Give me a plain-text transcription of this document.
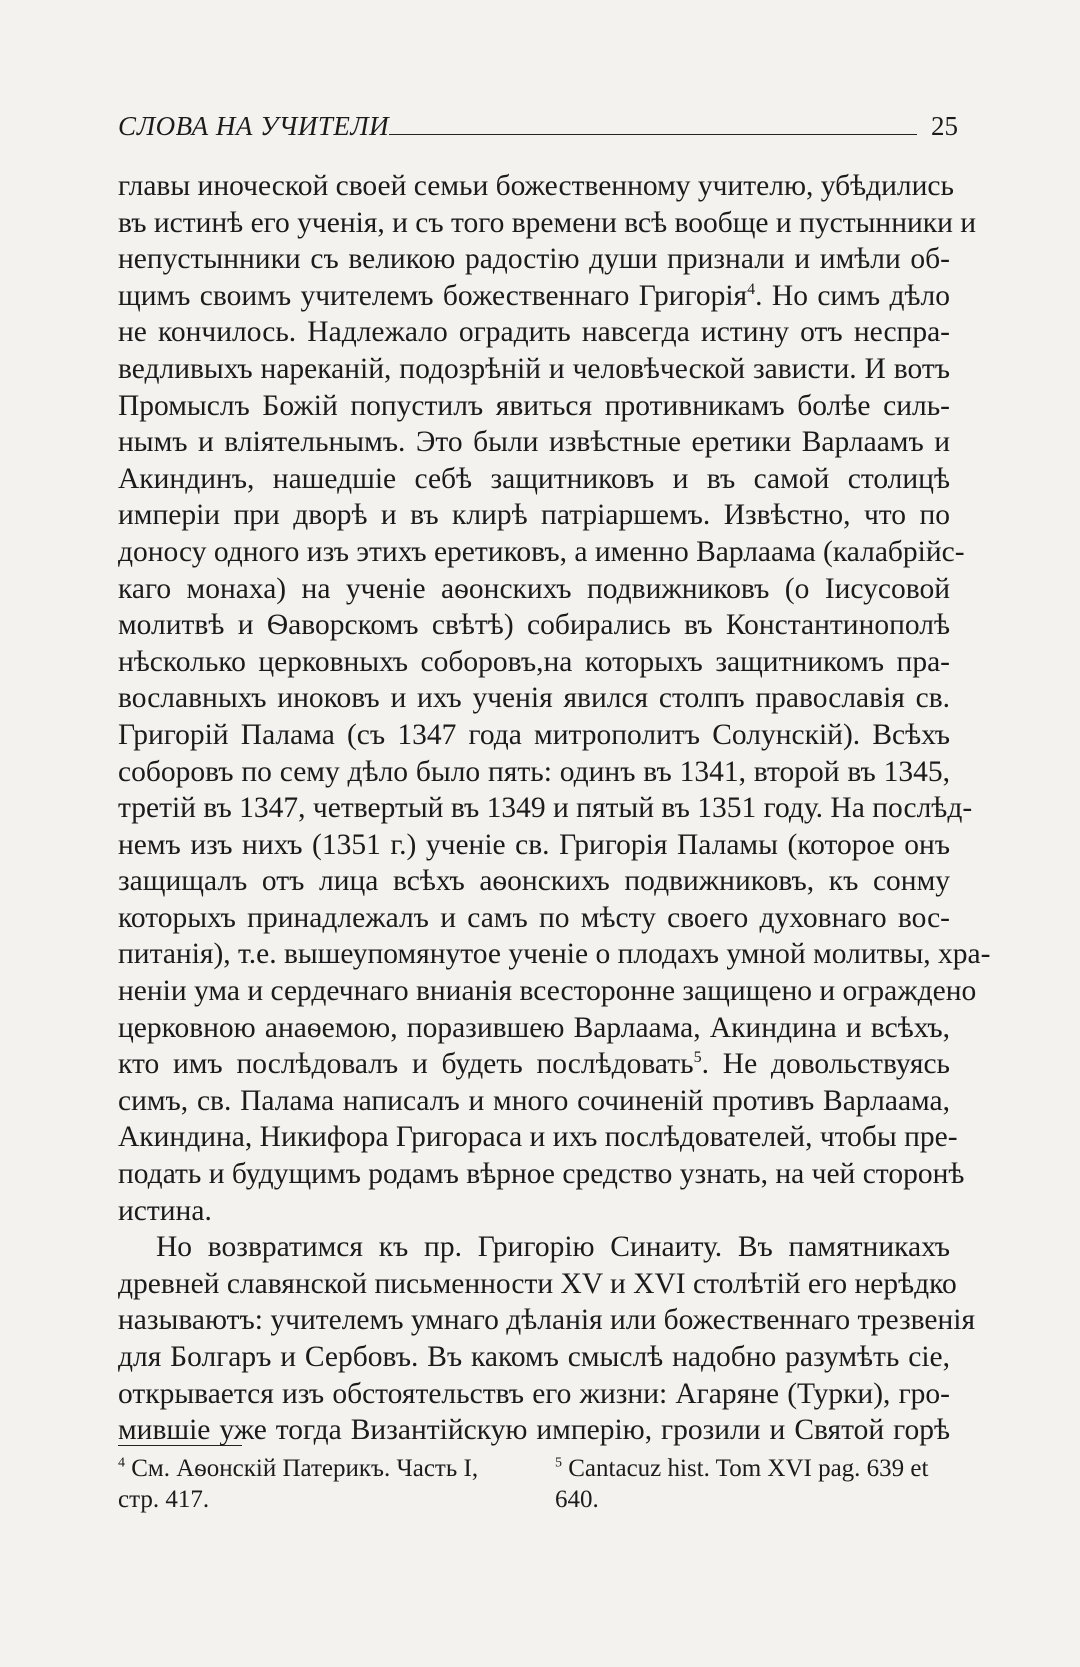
СЛОВА НА УЧИТЕЛИ	25
главы иноческой своей семьи божественному учителю, убѣдились
въ истинѣ его ученія, и съ того времени всѣ вообще и пустынники и
непустынники съ великою радостію души признали и имѣли об-
щимъ своимъ учителемъ божественнаго Григорія$^4$. Но симъ дѣло
не кончилось. Надлежало оградить навсегда истину отъ неспра-
ведливыхъ нареканій, подозрѣній и человѣческой зависти. И вотъ
Промыслъ Божій попустилъ явиться противникамъ болѣе силь-
нымъ и вліятельнымъ. Это были извѣстные еретики Варлаамъ и
Акиндинъ, нашедшіе себѣ защитниковъ и въ самой столицѣ
имперіи при дворѣ и въ клирѣ патріаршемъ. Извѣстно, что по
доносу одного изъ этихъ еретиковъ, а именно Варлаама (калабрійс-
каго монаха) на ученіе аѳонскихъ подвижниковъ (о Іисусовой
молитвѣ и Ѳаворскомъ свѣтѣ) собирались въ Константинополѣ
нѣсколько церковныхъ соборовъ,на которыхъ защитникомъ пра-
вославныхъ иноковъ и ихъ ученія явился столпъ православія св.
Григорій Палама (съ 1347 года митрополитъ Солунскій). Всѣхъ
соборовъ по сему дѣло было пять: одинъ въ 1341, второй въ 1345,
третій въ 1347, четвертый въ 1349 и пятый въ 1351 году. На послѣд-
немъ изъ нихъ (1351 г.) ученіе св. Григорія Паламы (которое онъ
защищалъ отъ лица всѣхъ аѳонскихъ подвижниковъ, къ сонму
которыхъ принадлежалъ и самъ по мѣсту своего духовнаго вос-
питанія), т.е. вышеупомянутое ученіе о плодахъ умной молитвы, хра-
неніи ума и сердечнаго вниaнія всесторонне защищено и ограждено
церковною анаѳемою, поразившею Варлаама, Акиндина и всѣхъ,
кто имъ послѣдовалъ и будеть послѣдовать$^5$. Не довольствуясь
симъ, св. Палама написалъ и много сочиненій противъ Варлаама,
Акиндина, Никифора Григораса и ихъ послѣдователей, чтобы пре-
подать и будущимъ родамъ вѣрное средство узнать, на чей сторонѣ
истина.
Но возвратимся къ пр. Григорію Синаиту. Въ памятникахъ
древней славянской письменности XV и XVI столѣтій его нерѣдко
называютъ: учителемъ умнаго дѣланія или божественнаго трезвенія
для Болгаръ и Сербовъ. Въ какомъ смыслѣ надобно разумѣть сіе,
открывается изъ обстоятельствъ его жизни: Агаряне (Турки), гро-
мившіе уже тогда Византійскую имперію, грозили и Святой горѣ
$^4$ См. Аѳонскій Патерикъ. Часть I, стр. 417.
$^5$ Cantacuz hist. Tom XVI pag. 639 et 640.
